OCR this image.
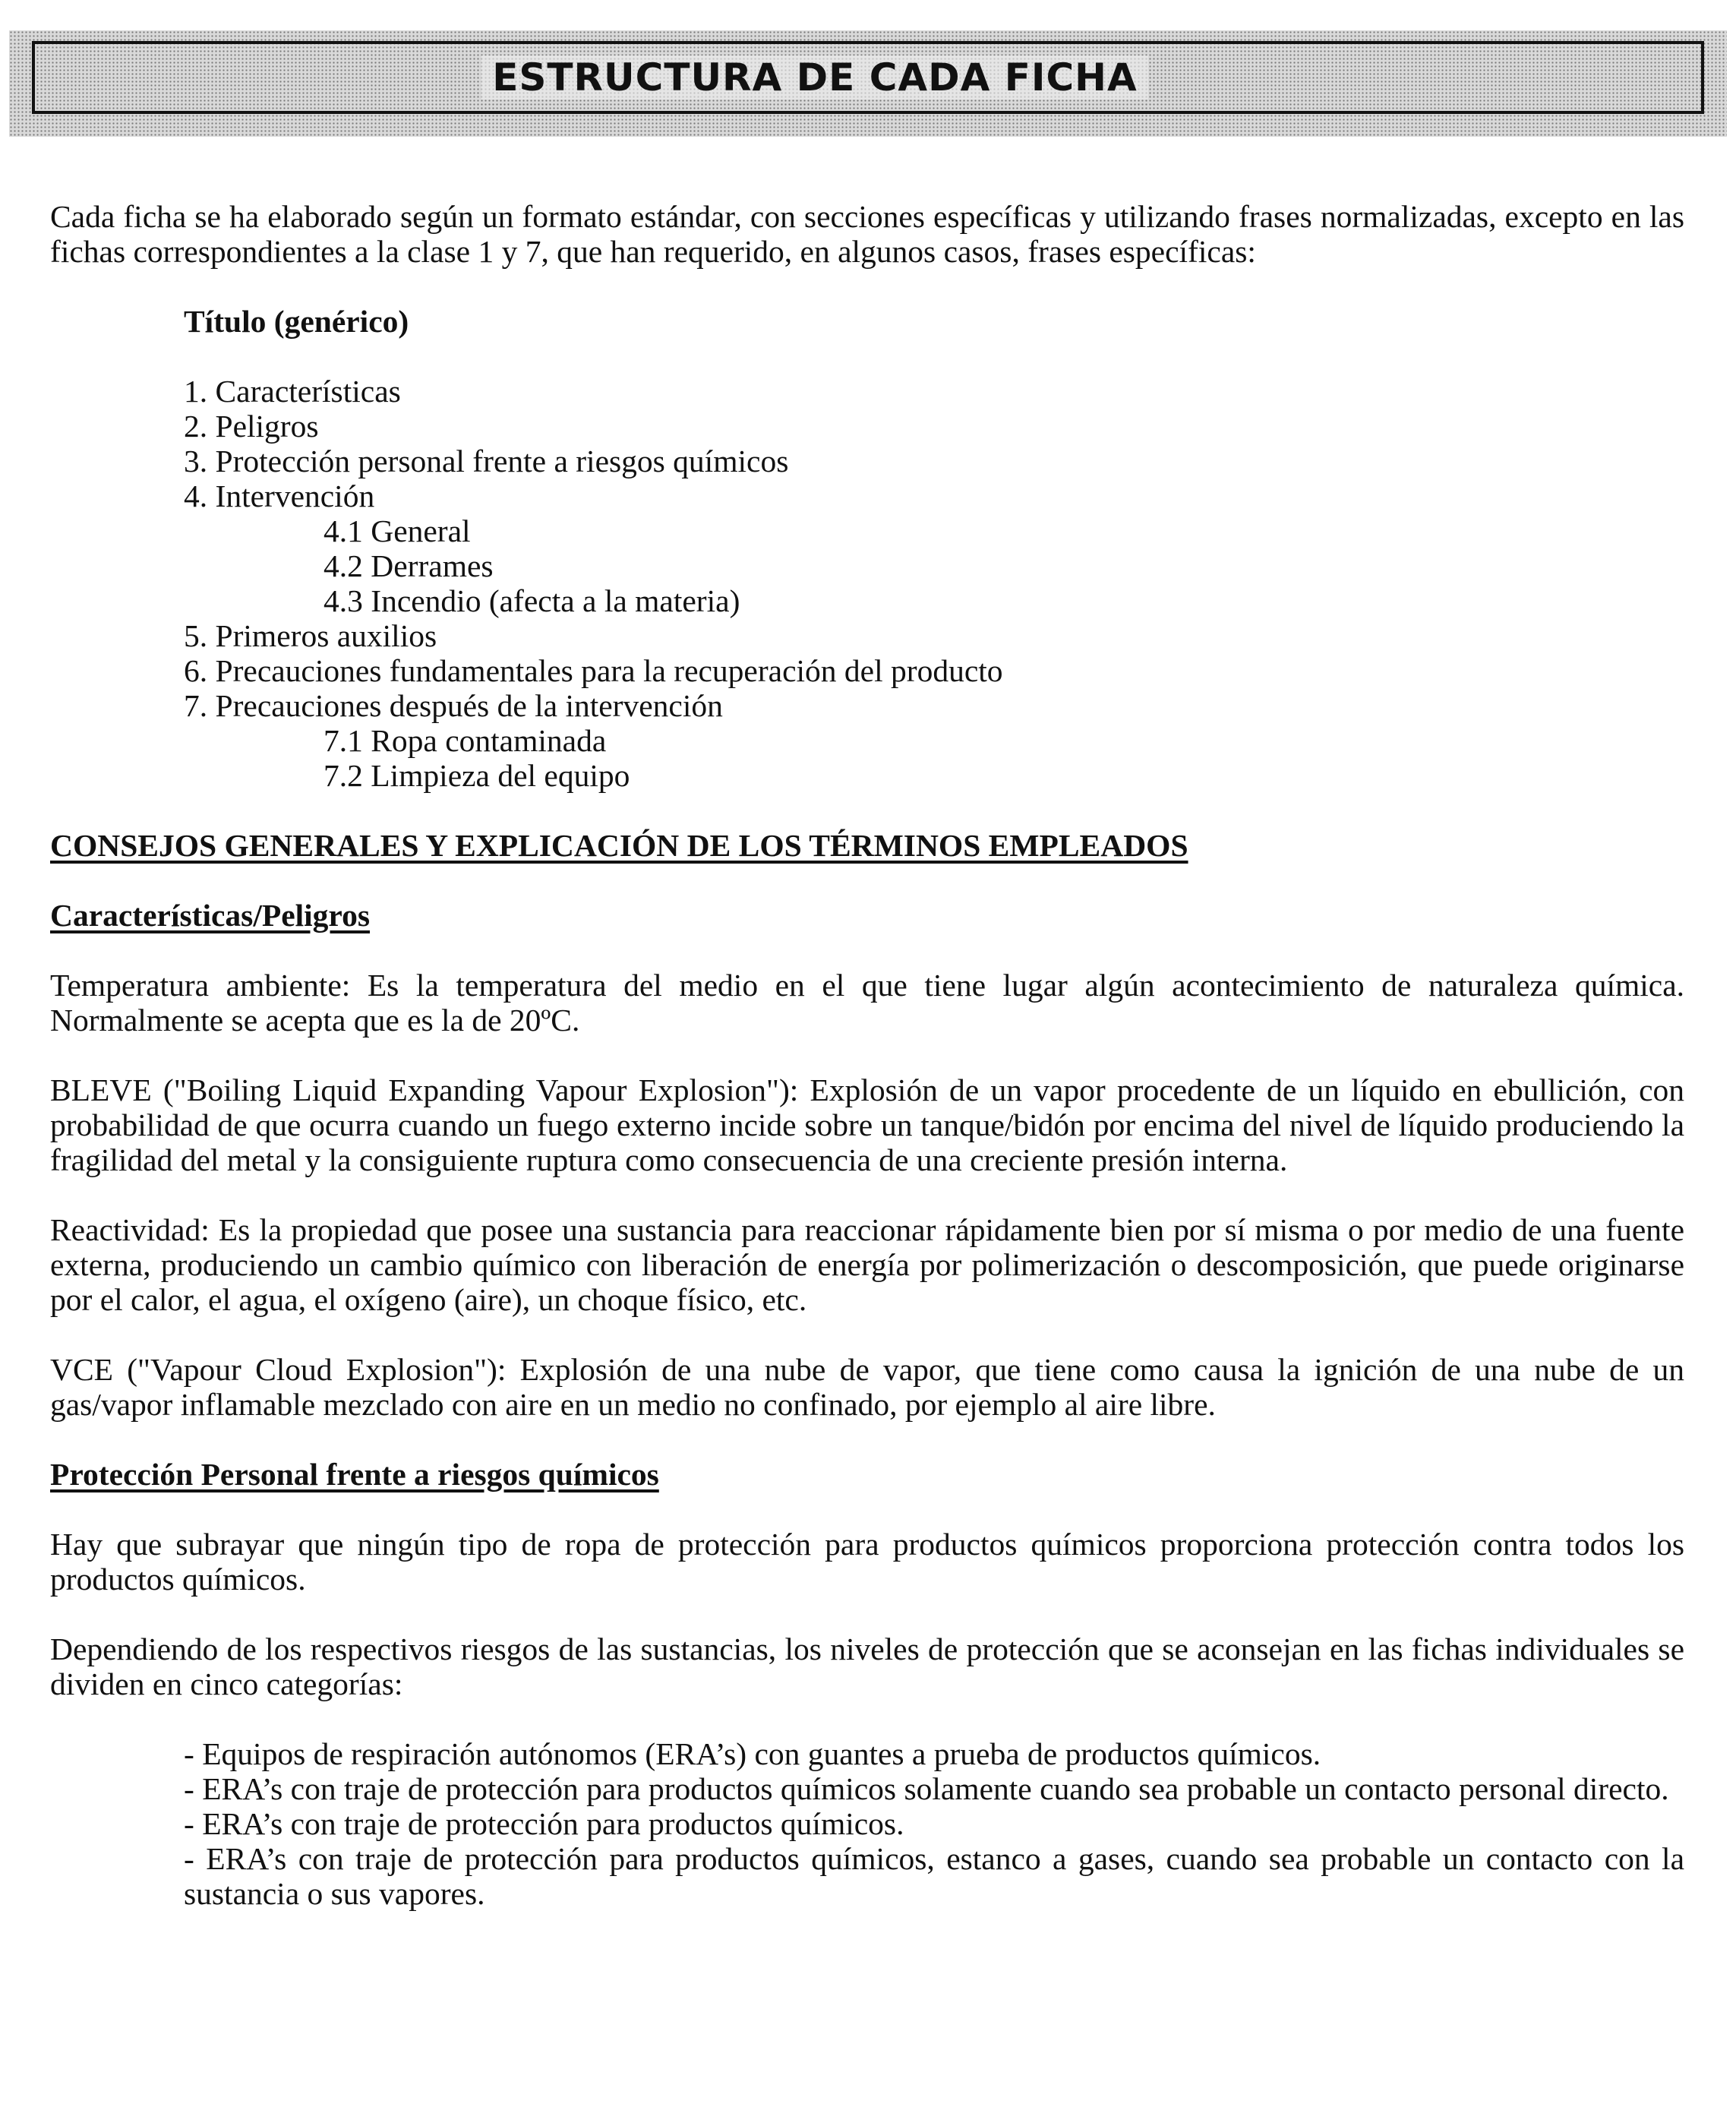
ESTRUCTURA DE CADA FICHA

Cada ficha se ha elaborado según un formato estándar, con secciones específicas y utilizando frases normalizadas, excepto en las fichas correspondientes a la clase 1 y 7, que han requerido, en algunos casos, frases específicas:

Título (genérico)

1. Características
2. Peligros
3. Protección personal frente a riesgos químicos
4. Intervención
4.1 General
4.2 Derrames
4.3 Incendio (afecta a la materia)
5. Primeros auxilios
6. Precauciones fundamentales para la recuperación del producto
7. Precauciones después de la intervención
7.1 Ropa contaminada
7.2 Limpieza del equipo

CONSEJOS GENERALES Y EXPLICACIÓN DE LOS TÉRMINOS EMPLEADOS

Características/Peligros

Temperatura ambiente: Es la temperatura del medio en el que tiene lugar algún acontecimiento de naturaleza química. Normalmente se acepta que es la de 20ºC.

BLEVE ("Boiling Liquid Expanding Vapour Explosion"): Explosión de un vapor procedente de un líquido en ebullición, con probabilidad de que ocurra cuando un fuego externo incide sobre un tanque/bidón por encima del nivel de líquido produciendo la fragilidad del metal y la consiguiente ruptura como consecuencia de una creciente presión interna.

Reactividad: Es la propiedad que posee una sustancia para reaccionar rápidamente bien por sí misma o por medio de una fuente externa, produciendo un cambio químico con liberación de energía por polimerización o descomposición, que puede originarse por el calor, el agua, el oxígeno (aire), un choque físico, etc.

VCE ("Vapour Cloud Explosion"): Explosión de una nube de vapor, que tiene como causa la ignición de una nube de un gas/vapor inflamable mezclado con aire en un medio no confinado, por ejemplo al aire libre.

Protección Personal frente a riesgos químicos

Hay que subrayar que ningún tipo de ropa de protección para productos químicos proporciona protección contra todos los productos químicos.

Dependiendo de los respectivos riesgos de las sustancias, los niveles de protección que se aconsejan en las fichas individuales se dividen en cinco categorías:

- Equipos de respiración autónomos (ERA’s) con guantes a prueba de productos químicos.

- ERA’s con traje de protección para productos químicos solamente cuando sea probable un contacto personal directo.

- ERA’s con traje de protección para productos químicos.

- ERA’s con traje de protección para productos químicos, estanco a gases, cuando sea probable un contacto con la sustancia o sus vapores.
